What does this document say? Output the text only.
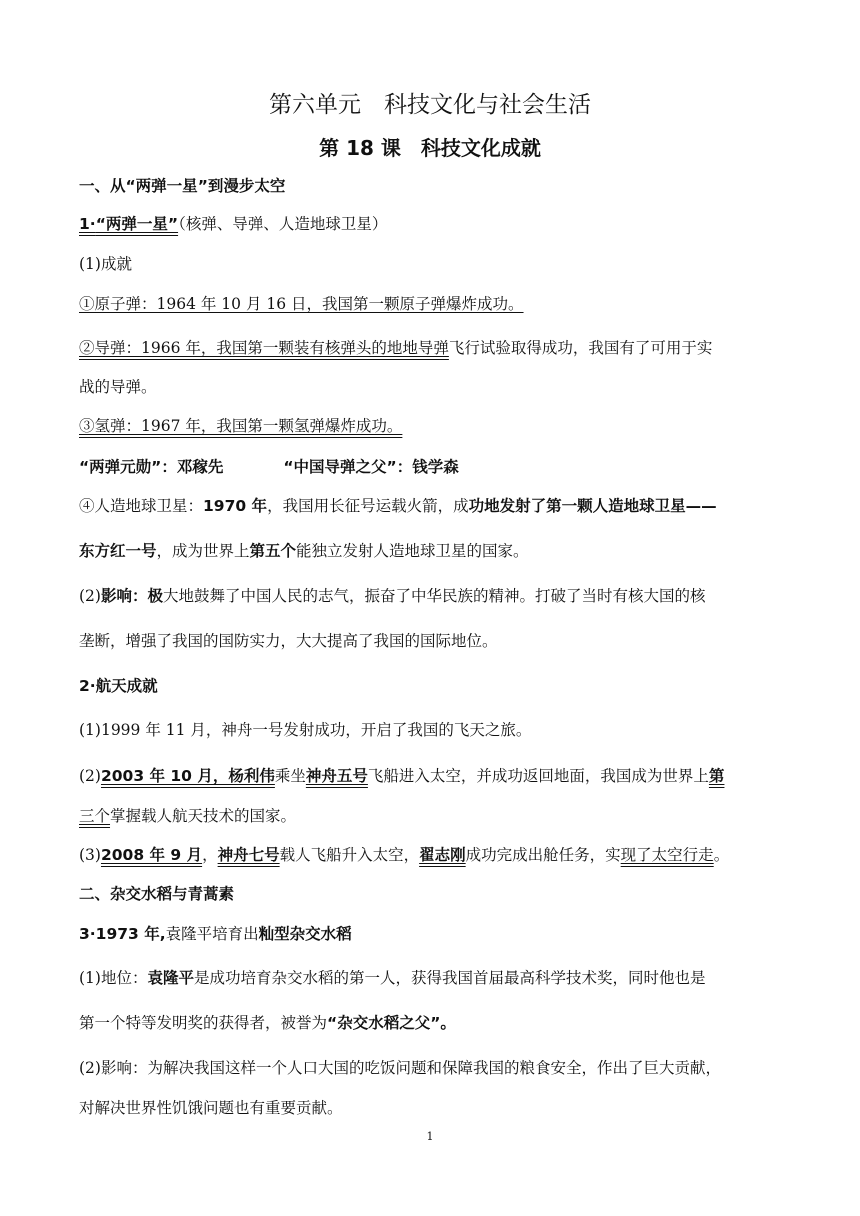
第六单元　科技文化与社会生活
第 18 课　科技文化成就
一、从“两弹一星”到漫步太空
1·“两弹一星”（核弹、导弹、人造地球卫星）
(1)成就
①原子弹：1964 年 10 月 16 日，我国第一颗原子弹爆炸成功。
②导弹：1966 年，我国第一颗装有核弹头的地地导弹飞行试验取得成功，我国有了可用于实
战的导弹。
③氢弹：1967 年，我国第一颗氢弹爆炸成功。
“两弹元勋”：邓稼先	“中国导弹之父”：钱学森
④人造地球卫星：1970 年，我国用长征号运载火箭，成功地发射了第一颗人造地球卫星——
东方红一号，成为世界上第五个能独立发射人造地球卫星的国家。
(2)影响：极大地鼓舞了中国人民的志气，振奋了中华民族的精神。打破了当时有核大国的核
垄断，增强了我国的国防实力，大大提高了我国的国际地位。
2·航天成就
(1)1999 年 11 月，神舟一号发射成功，开启了我国的飞天之旅。
(2)2003 年 10 月，杨利伟乘坐神舟五号飞船进入太空，并成功返回地面，我国成为世界上第
三个掌握载人航天技术的国家。
(3)2008 年 9 月，神舟七号载人飞船升入太空，翟志刚成功完成出舱任务，实现了太空行走。
二、杂交水稻与青蒿素
3·1973 年,袁隆平培育出籼型杂交水稻
(1)地位：袁隆平是成功培育杂交水稻的第一人，获得我国首届最高科学技术奖，同时他也是
第一个特等发明奖的获得者，被誉为“杂交水稻之父”。
(2)影响：为解决我国这样一个人口大国的吃饭问题和保障我国的粮食安全，作出了巨大贡献，
对解决世界性饥饿问题也有重要贡献。
1
